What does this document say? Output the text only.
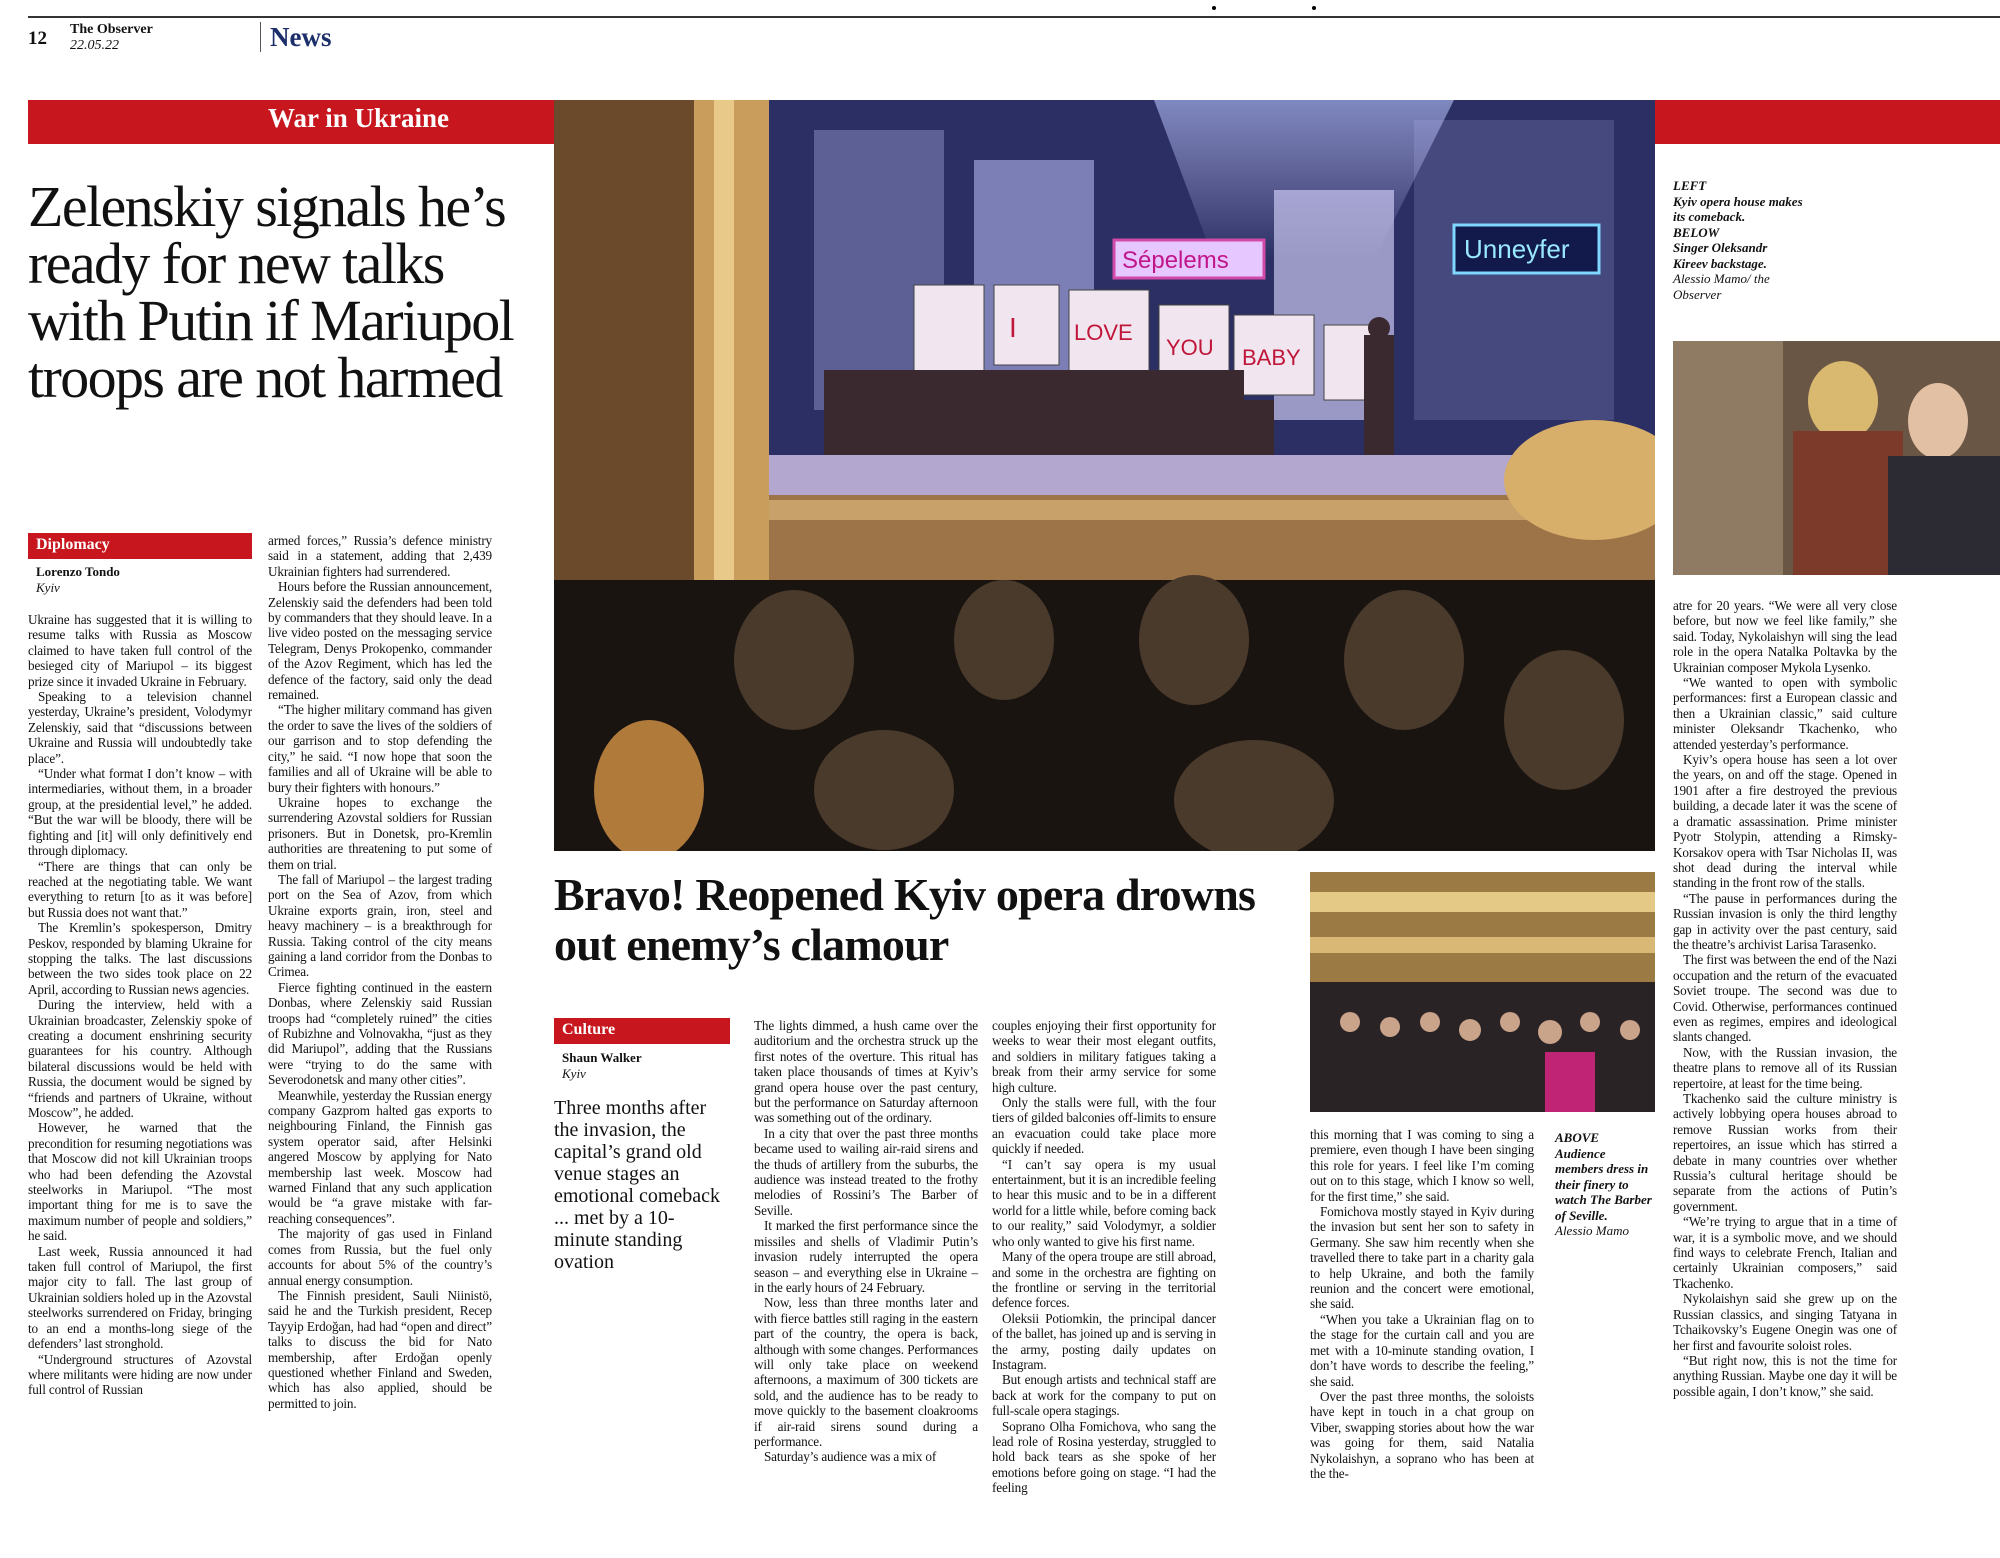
12 The Observer
22.05.22	News
War in Ukraine
Zelenskiy signals he’s ready for new talks with Putin if Mariupol troops are not harmed
Diplomacy
Lorenzo Tondo
Kyiv

Ukraine has suggested that it is willing to resume talks with Russia as Moscow claimed to have taken full control of the besieged city of Mariupol – its biggest prize since it invaded Ukraine in February.

Speaking to a television channel yesterday, Ukraine’s president, Volodymyr Zelenskiy, said that “discussions between Ukraine and Russia will undoubtedly take place”.

“Under what format I don’t know – with intermediaries, without them, in a broader group, at the presidential level,” he added. “But the war will be bloody, there will be fighting and [it] will only definitively end through diplomacy.

“There are things that can only be reached at the negotiating table. We want everything to return [to as it was before] but Russia does not want that.”

The Kremlin’s spokesperson, Dmitry Peskov, responded by blaming Ukraine for stopping the talks. The last discussions between the two sides took place on 22 April, according to Russian news agencies.

During the interview, held with a Ukrainian broadcaster, Zelenskiy spoke of creating a document enshrining security guarantees for his country. Although bilateral discussions would be held with Russia, the document would be signed by “friends and partners of Ukraine, without Moscow”, he added.

However, he warned that the precondition for resuming negotiations was that Moscow did not kill Ukrainian troops who had been defending the Azovstal steelworks in Mariupol. “The most important thing for me is to save the maximum number of people and soldiers,” he said.

Last week, Russia announced it had taken full control of Mariupol, the first major city to fall. The last group of Ukrainian soldiers holed up in the Azovstal steelworks surrendered on Friday, bringing to an end a months-long siege of the defenders’ last stronghold.

“Underground structures of Azovstal where militants were hiding are now under full control of Russian

armed forces,” Russia’s defence ministry said in a statement, adding that 2,439 Ukrainian fighters had surrendered.

Hours before the Russian announcement, Zelenskiy said the defenders had been told by commanders that they should leave. In a live video posted on the messaging service Telegram, Denys Prokopenko, commander of the Azov Regiment, which has led the defence of the factory, said only the dead remained.

“The higher military command has given the order to save the lives of the soldiers of our garrison and to stop defending the city,” he said. “I now hope that soon the families and all of Ukraine will be able to bury their fighters with honours.”

Ukraine hopes to exchange the surrendering Azovstal soldiers for Russian prisoners. But in Donetsk, pro-Kremlin authorities are threatening to put some of them on trial.

The fall of Mariupol – the largest trading port on the Sea of Azov, from which Ukraine exports grain, iron, steel and heavy machinery – is a breakthrough for Russia. Taking control of the city means gaining a land corridor from the Donbas to Crimea.

Fierce fighting continued in the eastern Donbas, where Zelenskiy said Russian troops had “completely ruined” the cities of Rubizhne and Volnovakha, “just as they did Mariupol”, adding that the Russians were “trying to do the same with Severodonetsk and many other cities”.

Meanwhile, yesterday the Russian energy company Gazprom halted gas exports to neighbouring Finland, the Finnish gas system operator said, after Helsinki angered Moscow by applying for Nato membership last week. Moscow had warned Finland that any such application would be “a grave mistake with far-reaching consequences”.

The majority of gas used in Finland comes from Russia, but the fuel only accounts for about 5% of the country’s annual energy consumption.

The Finnish president, Sauli Niinistö, said he and the Turkish president, Recep Tayyip Erdoğan, had had “open and direct” talks to discuss the bid for Nato membership, after Erdoğan openly questioned whether Finland and Sweden, which has also applied, should be permitted to join.

Sépelems	Unneyfer
I	LOVE
YOU BABY
LEFT
Kyiv opera house makes its comeback.
BELOW
Singer Oleksandr Kireev backstage.
Alessio Mamo/ the Observer
Bravo! Reopened Kyiv opera drowns out enemy’s clamour
Culture
Shaun Walker
Kyiv
Three months after the invasion, the capital’s grand old venue stages an emotional comeback ... met by a 10-minute standing ovation

The lights dimmed, a hush came over the auditorium and the orchestra struck up the first notes of the overture. This ritual has taken place thousands of times at Kyiv’s grand opera house over the past century, but the performance on Saturday afternoon was something out of the ordinary.

In a city that over the past three months became used to wailing air-raid sirens and the thuds of artillery from the suburbs, the audience was instead treated to the frothy melodies of Rossini’s The Barber of Seville.

It marked the first performance since the missiles and shells of Vladimir Putin’s invasion rudely interrupted the opera season – and everything else in Ukraine – in the early hours of 24 February.

Now, less than three months later and with fierce battles still raging in the eastern part of the country, the opera is back, although with some changes. Performances will only take place on weekend afternoons, a maximum of 300 tickets are sold, and the audience has to be ready to move quickly to the basement cloakrooms if air-raid sirens sound during a performance.

Saturday’s audience was a mix of

couples enjoying their first opportunity for weeks to wear their most elegant outfits, and soldiers in military fatigues taking a break from their army service for some high culture.

Only the stalls were full, with the four tiers of gilded balconies off-limits to ensure an evacuation could take place more quickly if needed.

“I can’t say opera is my usual entertainment, but it is an incredible feeling to hear this music and to be in a different world for a little while, before coming back to our reality,” said Volodymyr, a soldier who only wanted to give his first name.

Many of the opera troupe are still abroad, and some in the orchestra are fighting on the frontline or serving in the territorial defence forces.

Oleksii Potiomkin, the principal dancer of the ballet, has joined up and is serving in the army, posting daily updates on Instagram.

But enough artists and technical staff are back at work for the company to put on full-scale opera stagings.

Soprano Olha Fomichova, who sang the lead role of Rosina yesterday, struggled to hold back tears as she spoke of her emotions before going on stage. “I had the feeling

this morning that I was coming to sing a premiere, even though I have been singing this role for years. I feel like I’m coming out on to this stage, which I know so well, for the first time,” she said.

Fomichova mostly stayed in Kyiv during the invasion but sent her son to safety in Germany. She saw him recently when she travelled there to take part in a charity gala to help Ukraine, and both the family reunion and the concert were emotional, she said.

“When you take a Ukrainian flag on to the stage for the curtain call and you are met with a 10-minute standing ovation, I don’t have words to describe the feeling,” she said.

Over the past three months, the soloists have kept in touch in a chat group on Viber, swapping stories about how the war was going for them, said Natalia Nykolaishyn, a soprano who has been at the the-

atre for 20 years. “We were all very close before, but now we feel like family,” she said. Today, Nykolaishyn will sing the lead role in the opera Natalka Poltavka by the Ukrainian composer Mykola Lysenko.

“We wanted to open with symbolic performances: first a European classic and then a Ukrainian classic,” said culture minister Oleksandr Tkachenko, who attended yesterday’s performance.

Kyiv’s opera house has seen a lot over the years, on and off the stage. Opened in 1901 after a fire destroyed the previous building, a decade later it was the scene of a dramatic assassination. Prime minister Pyotr Stolypin, attending a Rimsky-Korsakov opera with Tsar Nicholas II, was shot dead during the interval while standing in the front row of the stalls.

“The pause in performances during the Russian invasion is only the third lengthy gap in activity over the past century, said the theatre’s archivist Larisa Tarasenko.

The first was between the end of the Nazi occupation and the return of the evacuated Soviet troupe. The second was due to Covid. Otherwise, performances continued even as regimes, empires and ideological slants changed.

Now, with the Russian invasion, the theatre plans to remove all of its Russian repertoire, at least for the time being.

Tkachenko said the culture ministry is actively lobbying opera houses abroad to remove Russian works from their repertoires, an issue which has stirred a debate in many countries over whether Russia’s cultural heritage should be separate from the actions of Putin’s government.

“We’re trying to argue that in a time of war, it is a symbolic move, and we should find ways to celebrate French, Italian and certainly Ukrainian composers,” said Tkachenko.

Nykolaishyn said she grew up on the Russian classics, and singing Tatyana in Tchaikovsky’s Eugene Onegin was one of her first and favourite soloist roles.

“But right now, this is not the time for anything Russian. Maybe one day it will be possible again, I don’t know,” she said.

ABOVE
Audience members dress in their finery to watch The Barber of Seville.
Alessio Mamo
